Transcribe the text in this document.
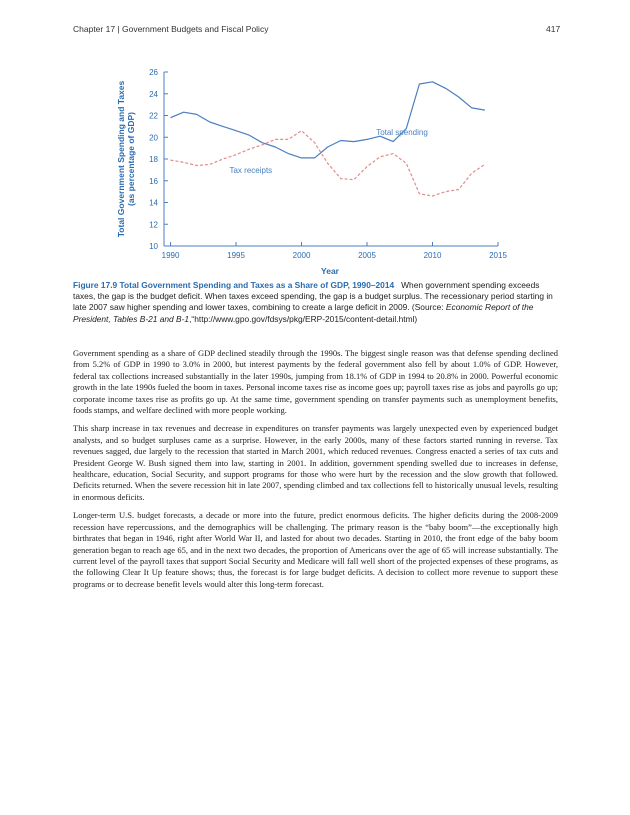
Chapter 17 | Government Budgets and Fiscal Policy	417
Total Government Spending and Taxes (as percentage of GDP)
10
12
14
16
18
20
22
24
26
1990	1995	2000	2005	2010	2015
Total spending
Tax receipts
Year

Figure 17.9 Total Government Spending and Taxes as a Share of GDP, 1990–2014 When government spending exceeds taxes, the gap is the budget deficit. When taxes exceed spending, the gap is a budget surplus. The recessionary period starting in late 2007 saw higher spending and lower taxes, combining to create a large deficit in 2009. (Source: Economic Report of the President, Tables B-21 and B-1,“http://www.gpo.gov/fdsys/pkg/ERP-2015/content-detail.html)

Government spending as a share of GDP declined steadily through the 1990s. The biggest single reason was that defense spending declined from 5.2% of GDP in 1990 to 3.0% in 2000, but interest payments by the federal government also fell by about 1.0% of GDP. However, federal tax collections increased substantially in the later 1990s, jumping from 18.1% of GDP in 1994 to 20.8% in 2000. Powerful economic growth in the late 1990s fueled the boom in taxes. Personal income taxes rise as income goes up; payroll taxes rise as jobs and payrolls go up; corporate income taxes rise as profits go up. At the same time, government spending on transfer payments such as unemployment benefits, foods stamps, and welfare declined with more people working.

This sharp increase in tax revenues and decrease in expenditures on transfer payments was largely unexpected even by experienced budget analysts, and so budget surpluses came as a surprise. However, in the early 2000s, many of these factors started running in reverse. Tax revenues sagged, due largely to the recession that started in March 2001, which reduced revenues. Congress enacted a series of tax cuts and President George W. Bush signed them into law, starting in 2001. In addition, government spending swelled due to increases in defense, healthcare, education, Social Security, and support programs for those who were hurt by the recession and the slow growth that followed. Deficits returned. When the severe recession hit in late 2007, spending climbed and tax collections fell to historically unusual levels, resulting in enormous deficits.

Longer-term U.S. budget forecasts, a decade or more into the future, predict enormous deficits. The higher deficits during the 2008-2009 recession have repercussions, and the demographics will be challenging. The primary reason is the “baby boom”—the exceptionally high birthrates that began in 1946, right after World War II, and lasted for about two decades. Starting in 2010, the front edge of the baby boom generation began to reach age 65, and in the next two decades, the proportion of Americans over the age of 65 will increase substantially. The current level of the payroll taxes that support Social Security and Medicare will fall well short of the projected expenses of these programs, as the following Clear It Up feature shows; thus, the forecast is for large budget deficits. A decision to collect more revenue to support these programs or to decrease benefit levels would alter this long-term forecast.
